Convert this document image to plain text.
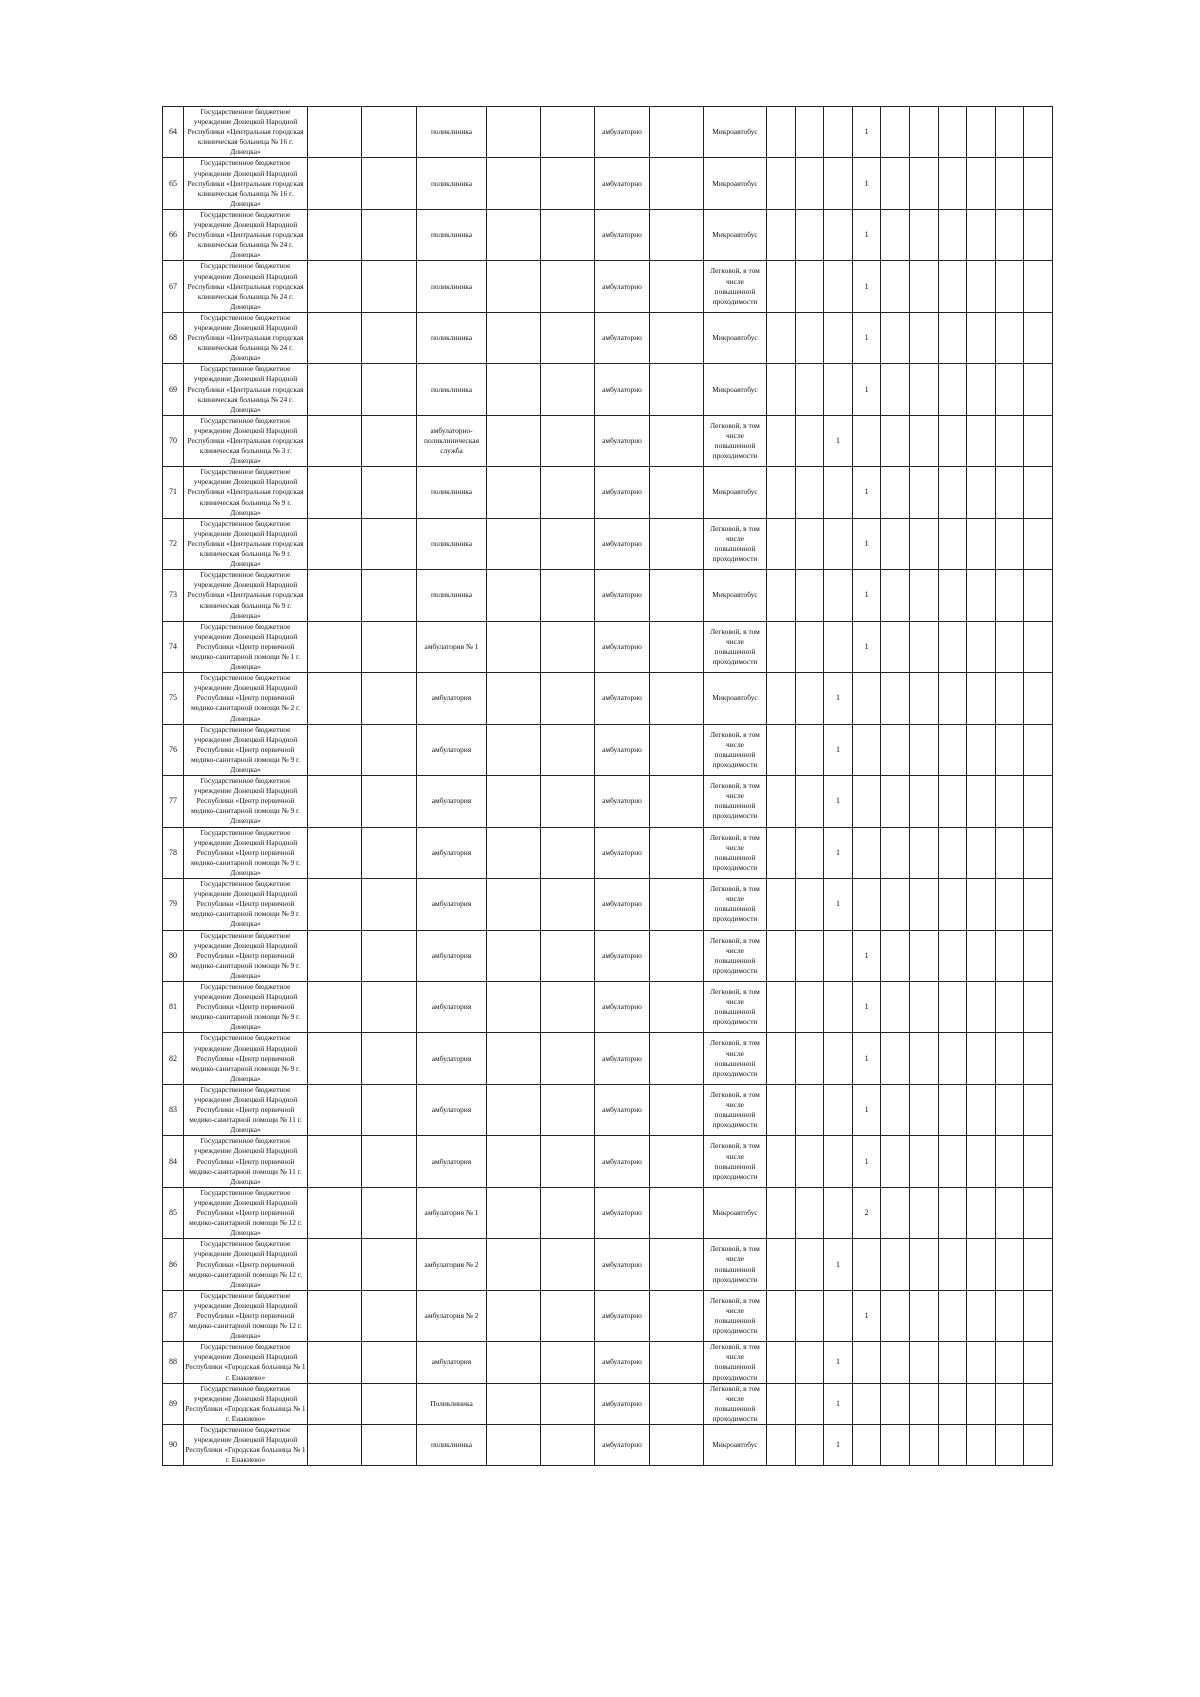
64	Государственное бюджетное учреждение Донецкой Народной Республики «Центральная городская клиническая больница № 16 г. Донецка»			поликлиника			амбулаторно		Микроавтобус				1						
65	Государственное бюджетное учреждение Донецкой Народной Республики «Центральная городская клиническая больница № 16 г. Донецка»			поликлиника			амбулаторно		Микроавтобус				1						
66	Государственное бюджетное учреждение Донецкой Народной Республики «Центральная городская клиническая больница № 24 г. Донецка»			поликлиника			амбулаторно		Микроавтобус				1						
67	Государственное бюджетное учреждение Донецкой Народной Республики «Центральная городская клиническая больница № 24 г. Донецка»			поликлиника			амбулаторно		Легковой, в том числе повышенной проходимости				1						
68	Государственное бюджетное учреждение Донецкой Народной Республики «Центральная городская клиническая больница № 24 г. Донецка»			поликлиника			амбулаторно		Микроавтобус				1						
69	Государственное бюджетное учреждение Донецкой Народной Республики «Центральная городская клиническая больница № 24 г. Донецка»			поликлиника			амбулаторно		Микроавтобус				1						
70	Государственное бюджетное учреждение Донецкой Народной Республики «Центральная городская клиническая больница № 3 г. Донецка»			амбулаторно-поликлиническая служба			амбулаторно		Легковой, в том числе повышенной проходимости			1							
71	Государственное бюджетное учреждение Донецкой Народной Республики «Центральная городская клиническая больница № 9 г. Донецка»			поликлиника			амбулаторно		Микроавтобус				1						
72	Государственное бюджетное учреждение Донецкой Народной Республики «Центральная городская клиническая больница № 9 г. Донецка»			поликлиника			амбулаторно		Легковой, в том числе повышенной проходимости				1						
73	Государственное бюджетное учреждение Донецкой Народной Республики «Центральная городская клиническая больница № 9 г. Донецка»			поликлиника			амбулаторно		Микроавтобус				1						
74	Государственное бюджетное учреждение Донецкой Народной Республики «Центр первичной медико-санитарной помощи № 1 г. Донецка»			амбулатория № 1			амбулаторно		Легковой, в том числе повышенной проходимости				1						
75	Государственное бюджетное учреждение Донецкой Народной Республики «Центр первичной медико-санитарной помощи № 2 г. Донецка»			амбулатория			амбулаторно		Микроавтобус			1							
76	Государственное бюджетное учреждение Донецкой Народной Республики «Центр первичной медико-санитарной помощи № 9 г. Донецка»			амбулатория			амбулаторно		Легковой, в том числе повышенной проходимости			1							
77	Государственное бюджетное учреждение Донецкой Народной Республики «Центр первичной медико-санитарной помощи № 9 г. Донецка»			амбулатория			амбулаторно		Легковой, в том числе повышенной проходимости			1							
78	Государственное бюджетное учреждение Донецкой Народной Республики «Центр первичной медико-санитарной помощи № 9 г. Донецка»			амбулатория			амбулаторно		Легковой, в том числе повышенной проходимости			1							
79	Государственное бюджетное учреждение Донецкой Народной Республики «Центр первичной медико-санитарной помощи № 9 г. Донецка»			амбулатория			амбулаторно		Легковой, в том числе повышенной проходимости			1							
80	Государственное бюджетное учреждение Донецкой Народной Республики «Центр первичной медико-санитарной помощи № 9 г. Донецка»			амбулатория			амбулаторно		Легковой, в том числе повышенной проходимости				1						
81	Государственное бюджетное учреждение Донецкой Народной Республики «Центр первичной медико-санитарной помощи № 9 г. Донецка»			амбулатория			амбулаторно		Легковой, в том числе повышенной проходимости				1						
82	Государственное бюджетное учреждение Донецкой Народной Республики «Центр первичной медико-санитарной помощи № 9 г. Донецка»			амбулатория			амбулаторно		Легковой, в том числе повышенной проходимости				1						
83	Государственное бюджетное учреждение Донецкой Народной Республики «Центр первичной медико-санитарной помощи № 11 г. Донецка»			амбулатория			амбулаторно		Легковой, в том числе повышенной проходимости				1						
84	Государственное бюджетное учреждение Донецкой Народной Республики «Центр первичной медико-санитарной помощи № 11 г. Донецка»			амбулатория			амбулаторно		Легковой, в том числе повышенной проходимости				1						
85	Государственное бюджетное учреждение Донецкой Народной Республики «Центр первичной медико-санитарной помощи № 12 г. Донецка»			амбулатория № 1			амбулаторно		Микроавтобус				2						
86	Государственное бюджетное учреждение Донецкой Народной Республики «Центр первичной медико-санитарной помощи № 12 г. Донецка»			амбулатория № 2			амбулаторно		Легковой, в том числе повышенной проходимости			1							
87	Государственное бюджетное учреждение Донецкой Народной Республики «Центр первичной медико-санитарной помощи № 12 г. Донецка»			амбулатория № 2			амбулаторно		Легковой, в том числе повышенной проходимости				1						
88	Государственное бюджетное учреждение Донецкой Народной Республики «Городская больница № 1 г. Енакиево»			амбулатория			амбулаторно		Легковой, в том числе повышенной проходимости			1							
89	Государственное бюджетное учреждение Донецкой Народной Республики «Городская больница № 1 г. Енакиево»			Поликлиника			амбулаторно		Легковой, в том числе повышенной проходимости			1							
90	Государственное бюджетное учреждение Донецкой Народной Республики «Городская больница № 1 г. Енакиево»			поликлиника			амбулаторно		Микроавтобус			1							
